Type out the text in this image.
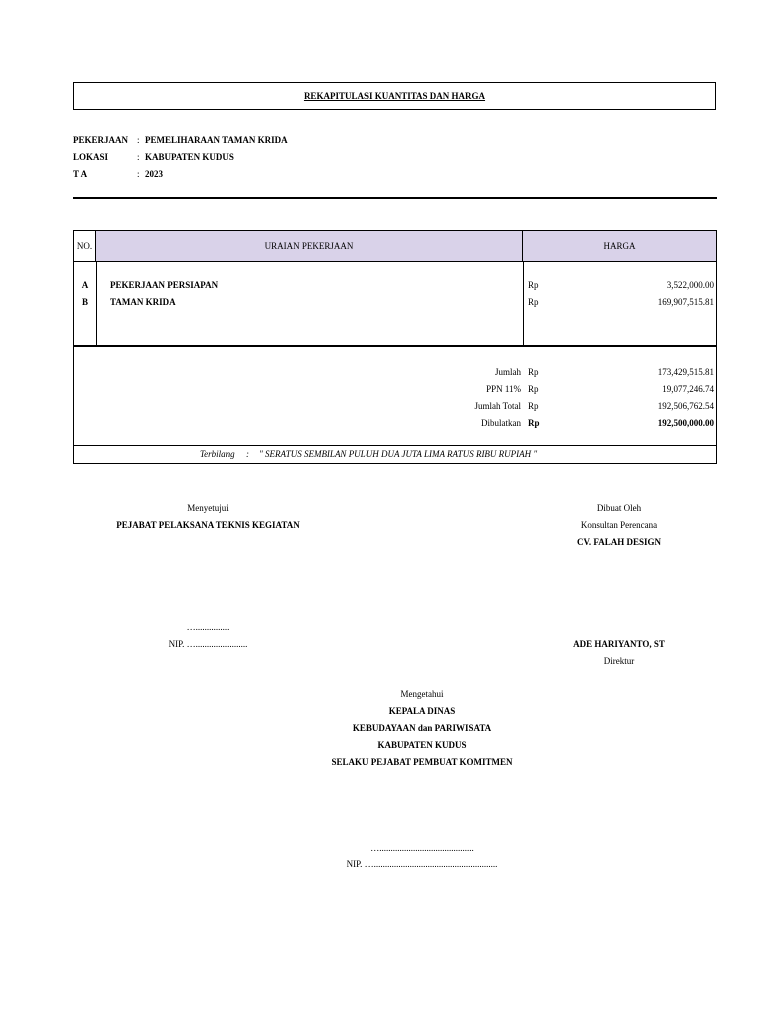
REKAPITULASI KUANTITAS DAN HARGA
PEKERJAAN : PEMELIHARAAN TAMAN KRIDA
LOKASI	: KABUPATEN KUDUS
T A	: 2023
NO.	URAIAN PEKERJAAN	HARGA
A	PEKERJAAN PERSIAPAN	Rp	3,522,000.00
B	TAMAN KRIDA	Rp	169,907,515.81
Jumlah Rp	173,429,515.81
PPN 11% Rp	19,077,246.74
Jumlah Total Rp	192,506,762.54
Dibulatkan Rp	192,500,000.00
Terbilang : " SERATUS SEMBILAN PULUH DUA JUTA LIMA RATUS RIBU RUPIAH "
Menyetujui
PEJABAT PELAKSANA TEKNIS KEGIATAN
…...............
NIP. ….......................
Dibuat Oleh
Konsultan Perencana
CV. FALAH DESIGN
ADE HARIYANTO, ST
Direktur
Mengetahui
KEPALA DINAS
KEBUDAYAAN dan PARIWISATA
KABUPATEN KUDUS
SELAKU PEJABAT PEMBUAT KOMITMEN
…..........................................
NIP. ….......................................................
